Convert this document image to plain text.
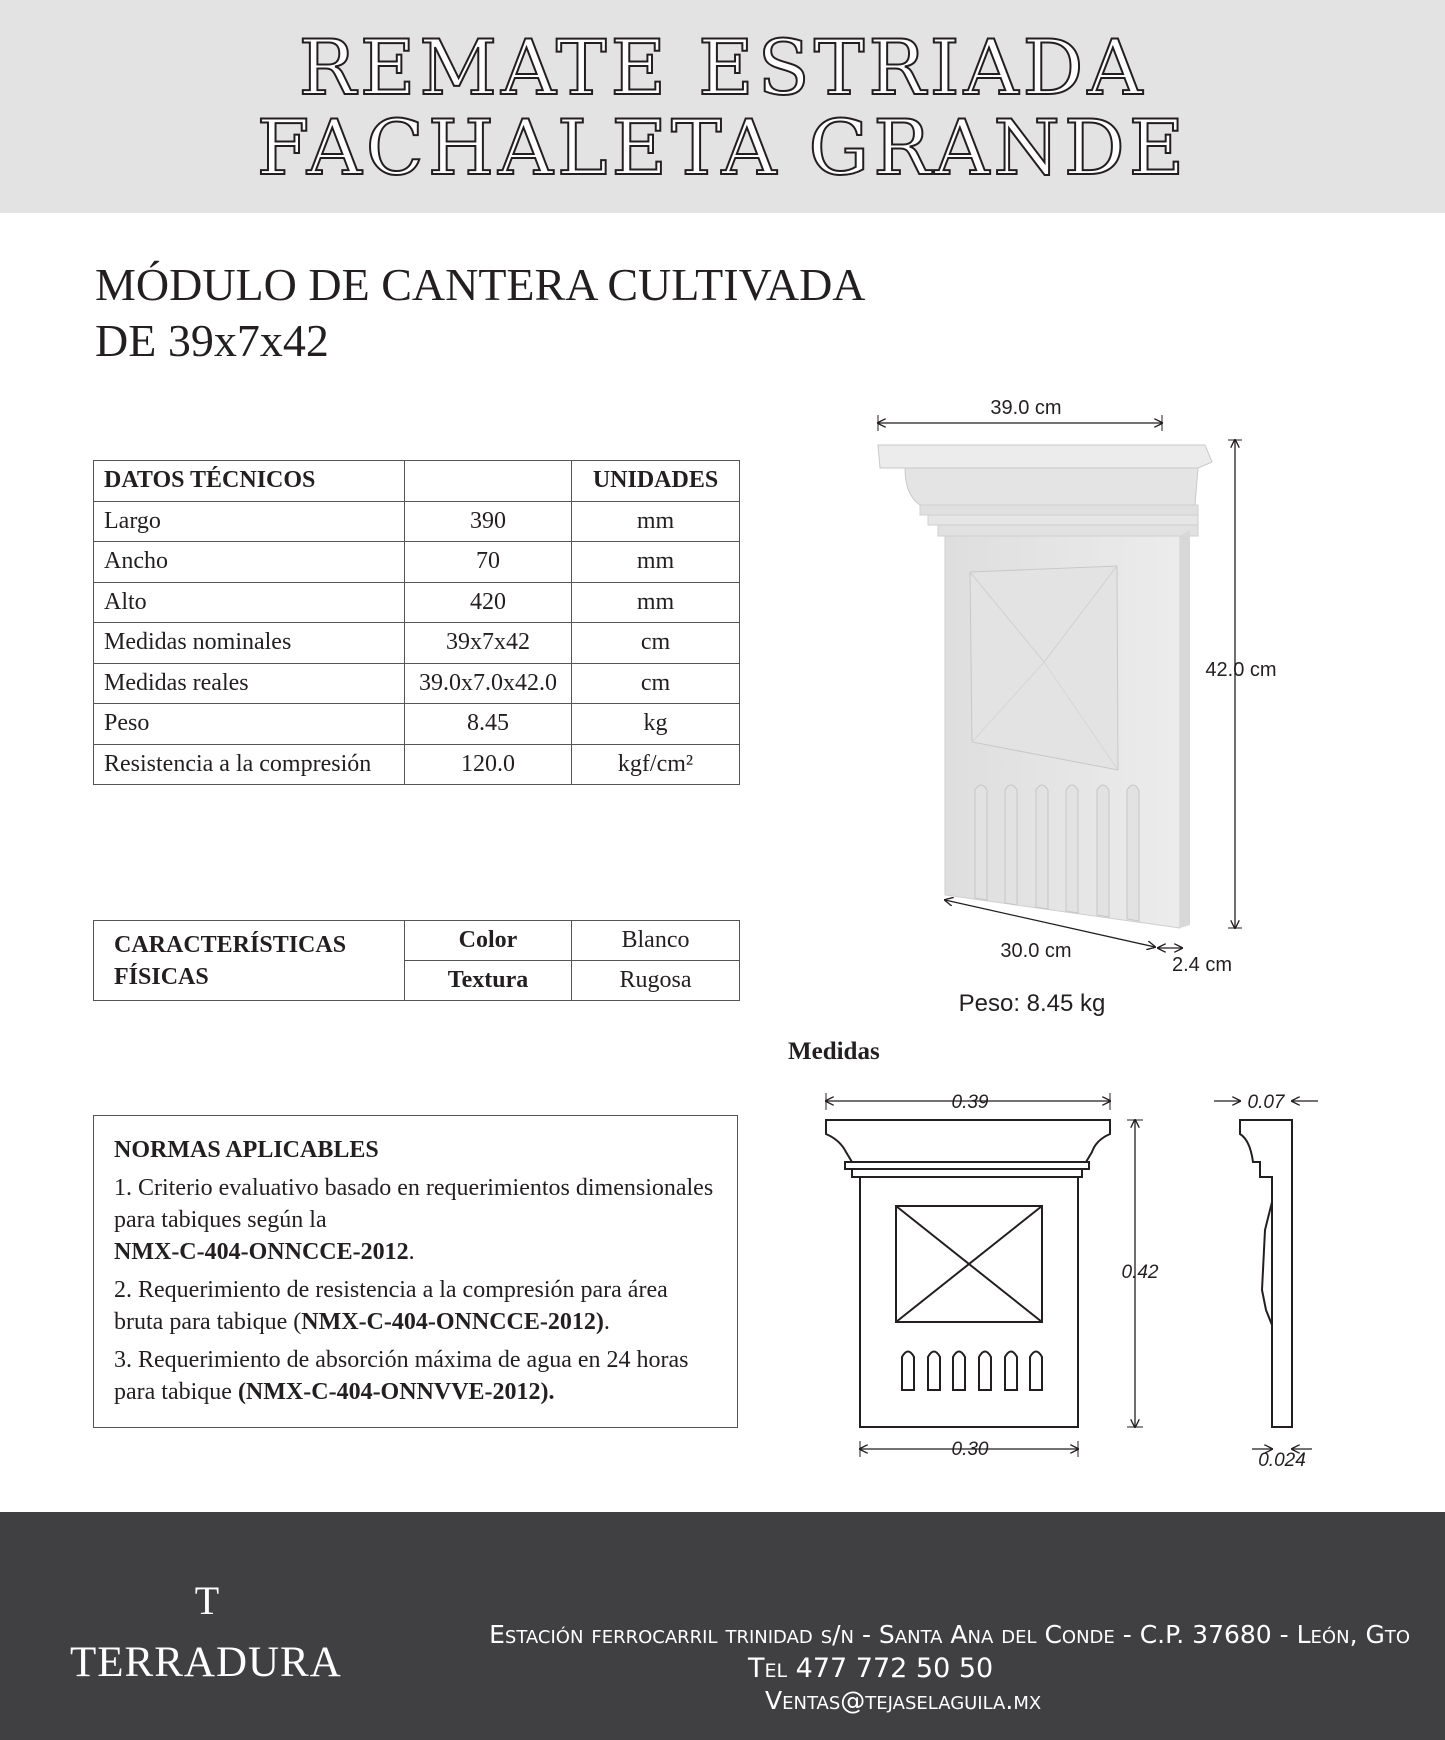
REMATE ESTRIADA
FACHALETA GRANDE
MÓDULO DE CANTERA CULTIVADA
DE 39x7x42
DATOS TÉCNICOS		UNIDADES
Largo	390	mm
Ancho	70	mm
Alto	420	mm
Medidas nominales	39x7x42	cm
Medidas reales	39.0x7.0x42.0	cm
Peso	8.45	kg
Resistencia a la compresión	120.0	kgf/cm²
CARACTERÍSTICAS
FÍSICAS	Color	Blanco
	Textura	Rugosa
NORMAS APLICABLES

1. Criterio evaluativo basado en requerimientos dimensionales para tabiques según la
NMX-C-404-ONNCCE-2012.

2. Requerimiento de resistencia a la compresión para área bruta para tabique (NMX-C-404-ONNCCE-2012).

3. Requerimiento de absorción máxima de agua en 24 horas para tabique (NMX-C-404-ONNVVE-2012).

39.0 cm
42.0 cm
30.0 cm
2.4 cm
Peso: 8.45 kg
0.39
0.42
0.30
0.07
0.024
Medidas
T
TERRADURA
Estación ferrocarril trinidad s/n - Santa Ana del Conde - C.P. 37680 - León, Gto
Tel 477 772 50 50
Ventas@tejaselaguila.mx
